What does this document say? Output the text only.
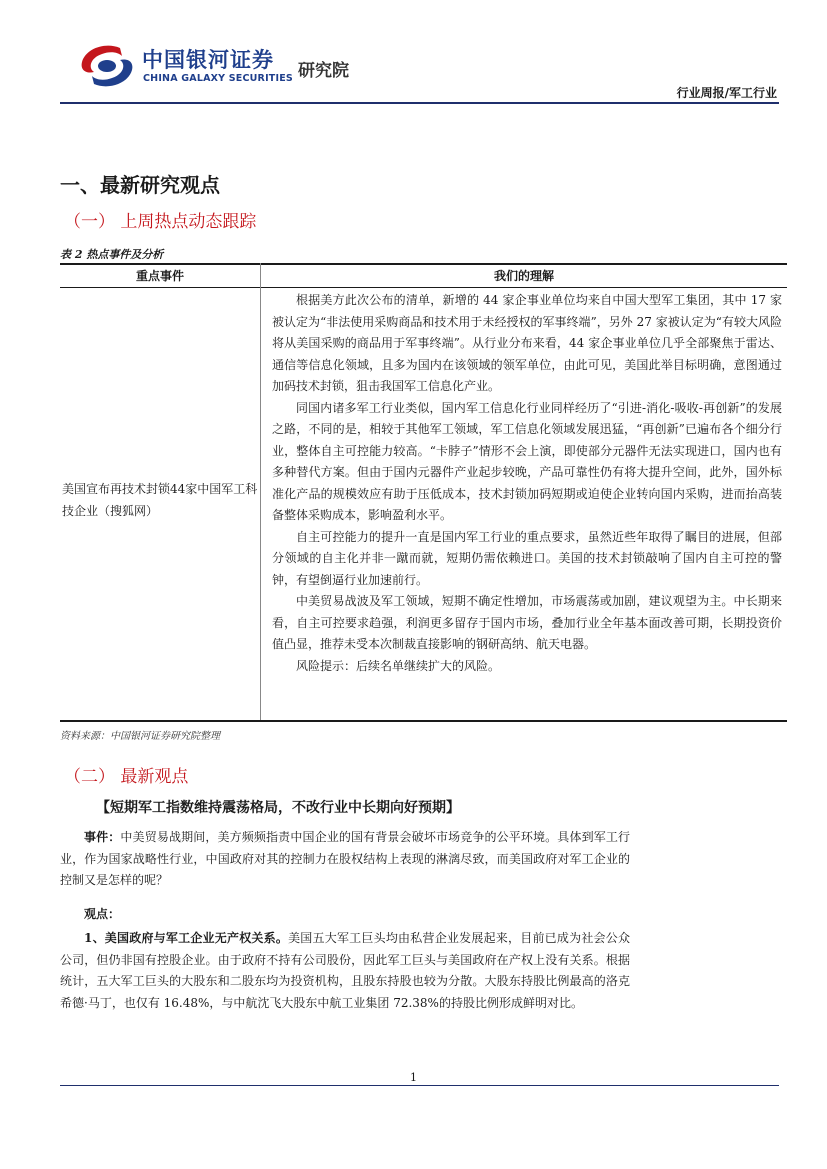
中国银河证券
CHINA GALAXY SECURITIES 研究院
行业周报/军工行业
一、最新研究观点
（一） 上周热点动态跟踪
表 2 热点事件及分析
重点事件	我们的理解
美国宣布再技术封锁44家中国军工科技企业（搜狐网）

根据美方此次公布的清单，新增的 44 家企事业单位均来自中国大型军工集团，其中 17 家被认定为“非法使用采购商品和技术用于未经授权的军事终端”，另外 27 家被认定为“有较大风险将从美国采购的商品用于军事终端”。从行业分布来看，44 家企事业单位几乎全部聚焦于雷达、通信等信息化领域，且多为国内在该领域的领军单位，由此可见，美国此举目标明确，意图通过加码技术封锁，狙击我国军工信息化产业。

同国内诸多军工行业类似，国内军工信息化行业同样经历了“引进-消化-吸收-再创新”的发展之路，不同的是，相较于其他军工领域，军工信息化领域发展迅猛，“再创新”已遍布各个细分行业，整体自主可控能力较高。“卡脖子”情形不会上演，即使部分元器件无法实现进口，国内也有多种替代方案。但由于国内元器件产业起步较晚，产品可靠性仍有将大提升空间，此外，国外标准化产品的规模效应有助于压低成本，技术封锁加码短期或迫使企业转向国内采购，进而抬高装备整体采购成本，影响盈利水平。

自主可控能力的提升一直是国内军工行业的重点要求，虽然近些年取得了瞩目的进展，但部分领域的自主化并非一蹴而就，短期仍需依赖进口。美国的技术封锁敲响了国内自主可控的警钟，有望倒逼行业加速前行。

中美贸易战波及军工领域，短期不确定性增加，市场震荡或加剧，建议观望为主。中长期来看，自主可控要求趋强，利润更多留存于国内市场，叠加行业全年基本面改善可期，长期投资价值凸显，推荐未受本次制裁直接影响的钢研高纳、航天电器。

风险提示：后续名单继续扩大的风险。

资料来源：中国银河证券研究院整理
（二） 最新观点
【短期军工指数维持震荡格局，不改行业中长期向好预期】
事件：中美贸易战期间，美方频频指责中国企业的国有背景会破坏市场竞争的公平环境。具体到军工行业，作为国家战略性行业，中国政府对其的控制力在股权结构上表现的淋漓尽致，而美国政府对军工企业的控制又是怎样的呢？
观点：
1、美国政府与军工企业无产权关系。美国五大军工巨头均由私营企业发展起来，目前已成为社会公众公司，但仍非国有控股企业。由于政府不持有公司股份，因此军工巨头与美国政府在产权上没有关系。根据统计，五大军工巨头的大股东和二股东均为投资机构，且股东持股也较为分散。大股东持股比例最高的洛克希德·马丁，也仅有 16.48%，与中航沈飞大股东中航工业集团 72.38%的持股比例形成鲜明对比。
1
